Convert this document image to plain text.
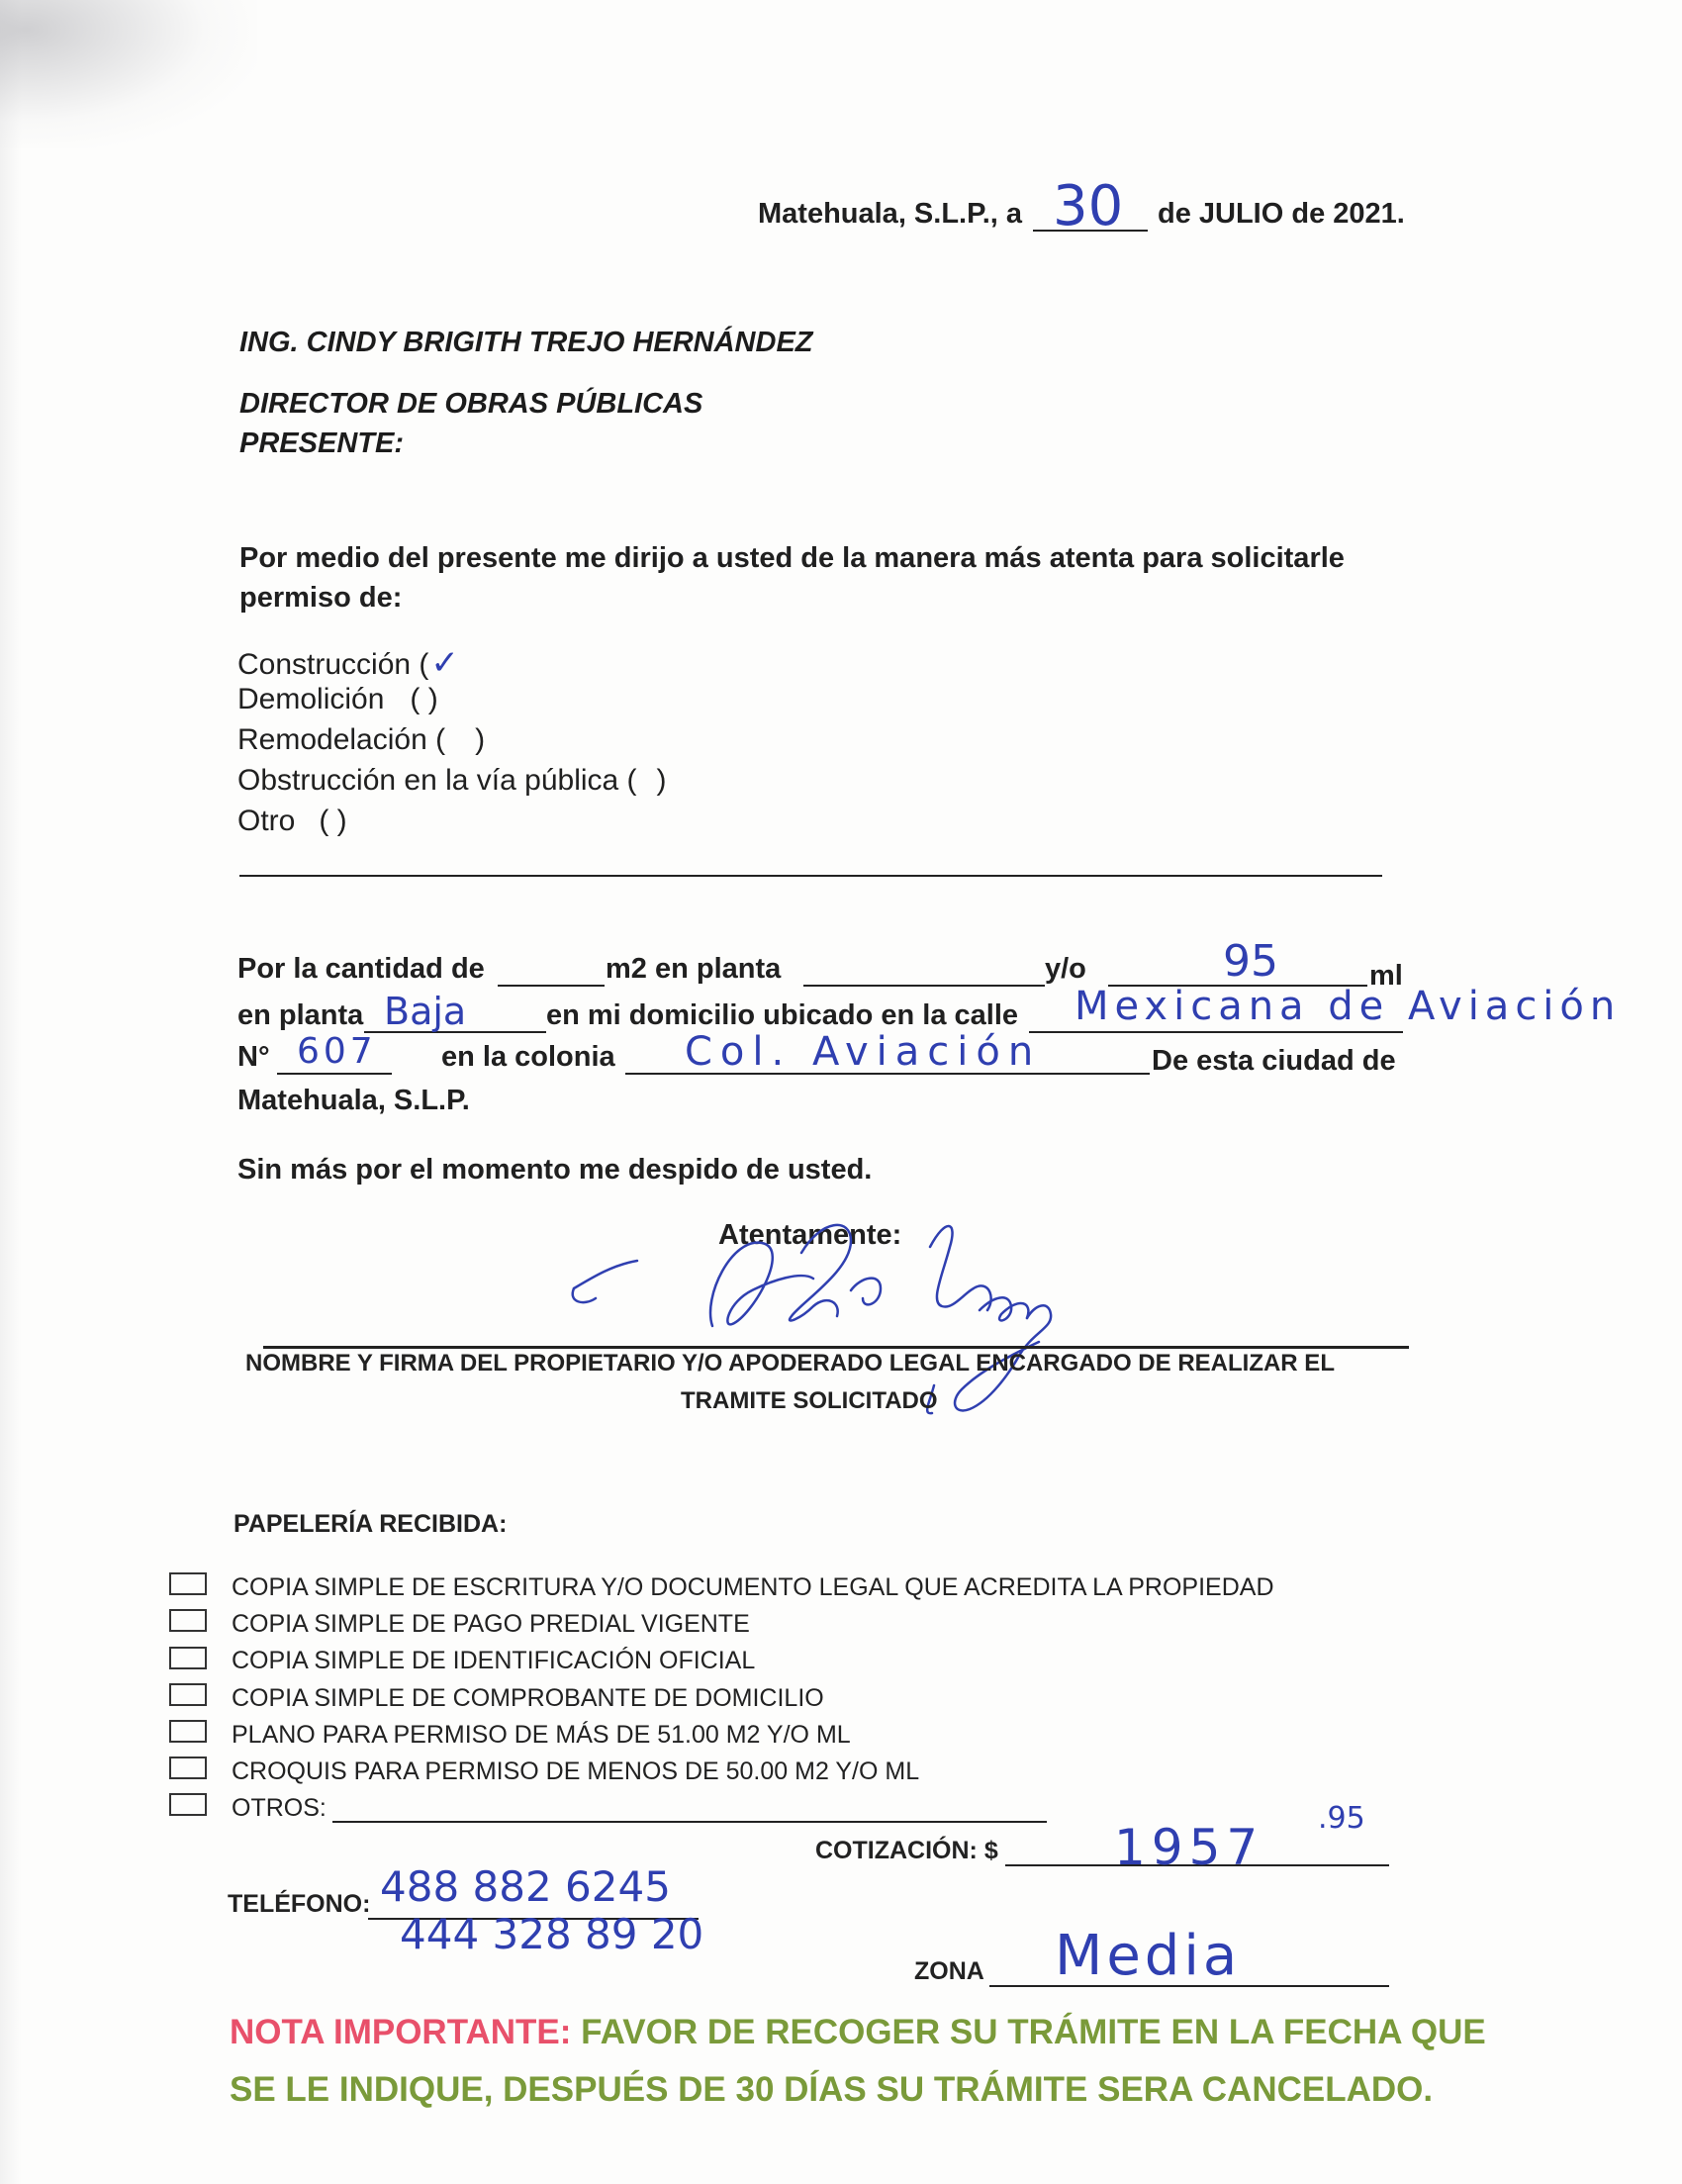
Matehuala, S.L.P., a 30 de JULIO de 2021.
ING. CINDY BRIGITH TREJO HERNÁNDEZ
DIRECTOR DE OBRAS PÚBLICAS
PRESENTE:
Por medio del presente me dirijo a usted de la manera más atenta para solicitarle
permiso de:
Construcción (✓
Demolición ( )
Remodelación ( )
Obstrucción en la vía pública ( )
Otro ( )
Por la cantidad de	m2 en planta	y/o	95	ml
en planta Baja	en mi domicilio ubicado en la calle Mexicana de Aviación
N° 607 en la colonia Col. Aviación	De esta ciudad de
Matehuala, S.L.P.
Sin más por el momento me despido de usted.
Atentamente:
NOMBRE Y FIRMA DEL PROPIETARIO Y/O APODERADO LEGAL ENCARGADO DE REALIZAR EL
TRAMITE SOLICITADO
PAPELERÍA RECIBIDA:
COPIA SIMPLE DE ESCRITURA Y/O DOCUMENTO LEGAL QUE ACREDITA LA PROPIEDAD
COPIA SIMPLE DE PAGO PREDIAL VIGENTE
COPIA SIMPLE DE IDENTIFICACIÓN OFICIAL
COPIA SIMPLE DE COMPROBANTE DE DOMICILIO
PLANO PARA PERMISO DE MÁS DE 51.00 M2 Y/O ML
CROQUIS PARA PERMISO DE MENOS DE 50.00 M2 Y/O ML
OTROS:
COTIZACIÓN: $ 1957
.95
TELÉFONO: 488 882 6245
444 328 89 20
ZONA Media
NOTA IMPORTANTE: FAVOR DE RECOGER SU TRÁMITE EN LA FECHA QUE
SE LE INDIQUE, DESPUÉS DE 30 DÍAS SU TRÁMITE SERA CANCELADO.
